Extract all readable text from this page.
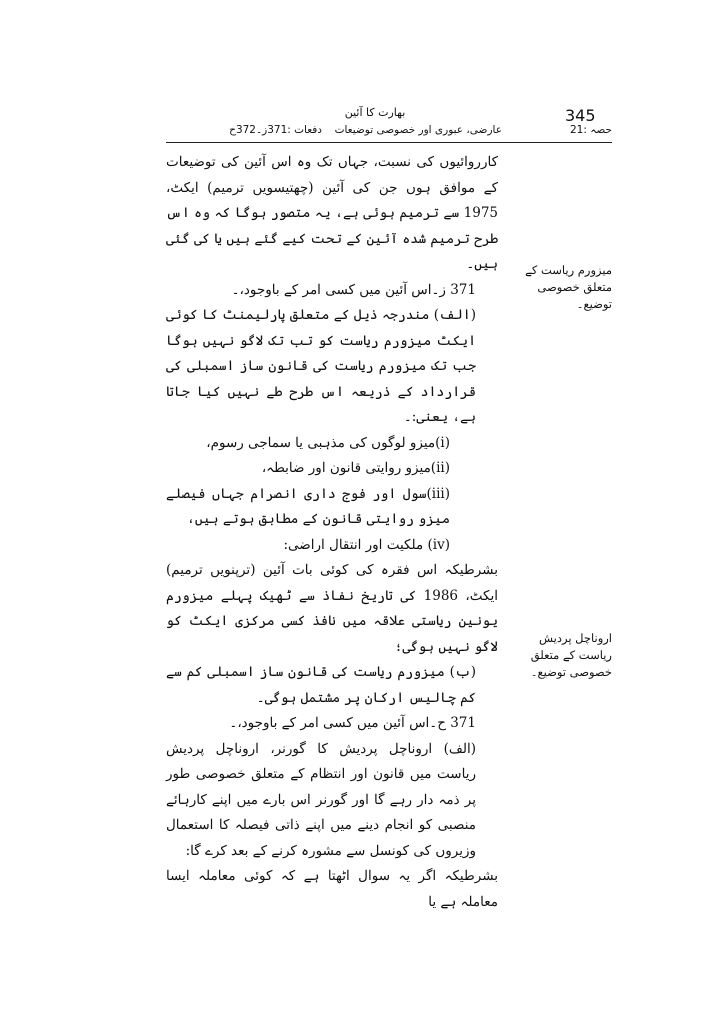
345
بھارت کا آئین
حصہ :21
عارضی، عبوری اور خصوصی توضیعات
دفعات :371ز۔372ح

کارروائیوں کی نسبت، جہاں تک وہ اس آئین کی توضیعات کے موافق ہوں جن کی آئین (چھتیسویں ترمیم) ایکٹ، 1975 سے ترمیم ہوئی ہے، یہ متصور ہوگا کہ وہ اس طرح ترمیم شدہ آئین کے تحت کیے گئے ہیں یا کی گئی ہیں۔

371 ز۔اس آئین میں کسی امر کے باوجود،۔

(الف) مندرجہ ذیل کے متعلق پارلیمنٹ کا کوئی ایکٹ میزورم ریاست کو تب تک لاگو نہیں ہوگا جب تک میزورم ریاست کی قانون ساز اسمبلی کی قرارداد کے ذریعہ اس طرح طے نہیں کیا جاتا ہے، یعنی:۔

(i)میزو لوگوں کی مذہبی یا سماجی رسوم،

(ii)میزو روایتی قانون اور ضابطہ،

(iii)سول اور فوج داری انصرام جہاں فیصلے میزو روایتی قانون کے مطابق ہوتے ہیں،

(iv) ملکیت اور انتقال اراضی:

بشرطیکہ اس فقرہ کی کوئی بات آئین (ترپنویں ترمیم) ایکٹ، 1986 کی تاریخ نفاذ سے ٹھیک پہلے میزورم یونین ریاستی علاقہ میں نافذ کسی مرکزی ایکٹ کو لاگو نہیں ہوگی؛

(ب) میزورم ریاست کی قانون ساز اسمبلی کم سے کم چالیس ارکان پر مشتمل ہوگی۔

371 ح۔اس آئین میں کسی امر کے باوجود،۔

(الف) اروناچل پردیش کا گورنر، اروناچل پردیش ریاست میں قانون اور انتظام کے متعلق خصوصی طور پر ذمہ دار رہے گا اور گورنر اس بارے میں اپنے کارہائے منصبی کو انجام دینے میں اپنے ذاتی فیصلہ کا استعمال وزیروں کی کونسل سے مشورہ کرنے کے بعد کرے گا:

بشرطیکہ اگر یہ سوال اٹھتا ہے کہ کوئی معاملہ ایسا معاملہ ہے یا

میزورم ریاست کے متعلق خصوصی توضیع۔
اروناچل پردیش ریاست کے متعلق خصوصی توضیع۔
